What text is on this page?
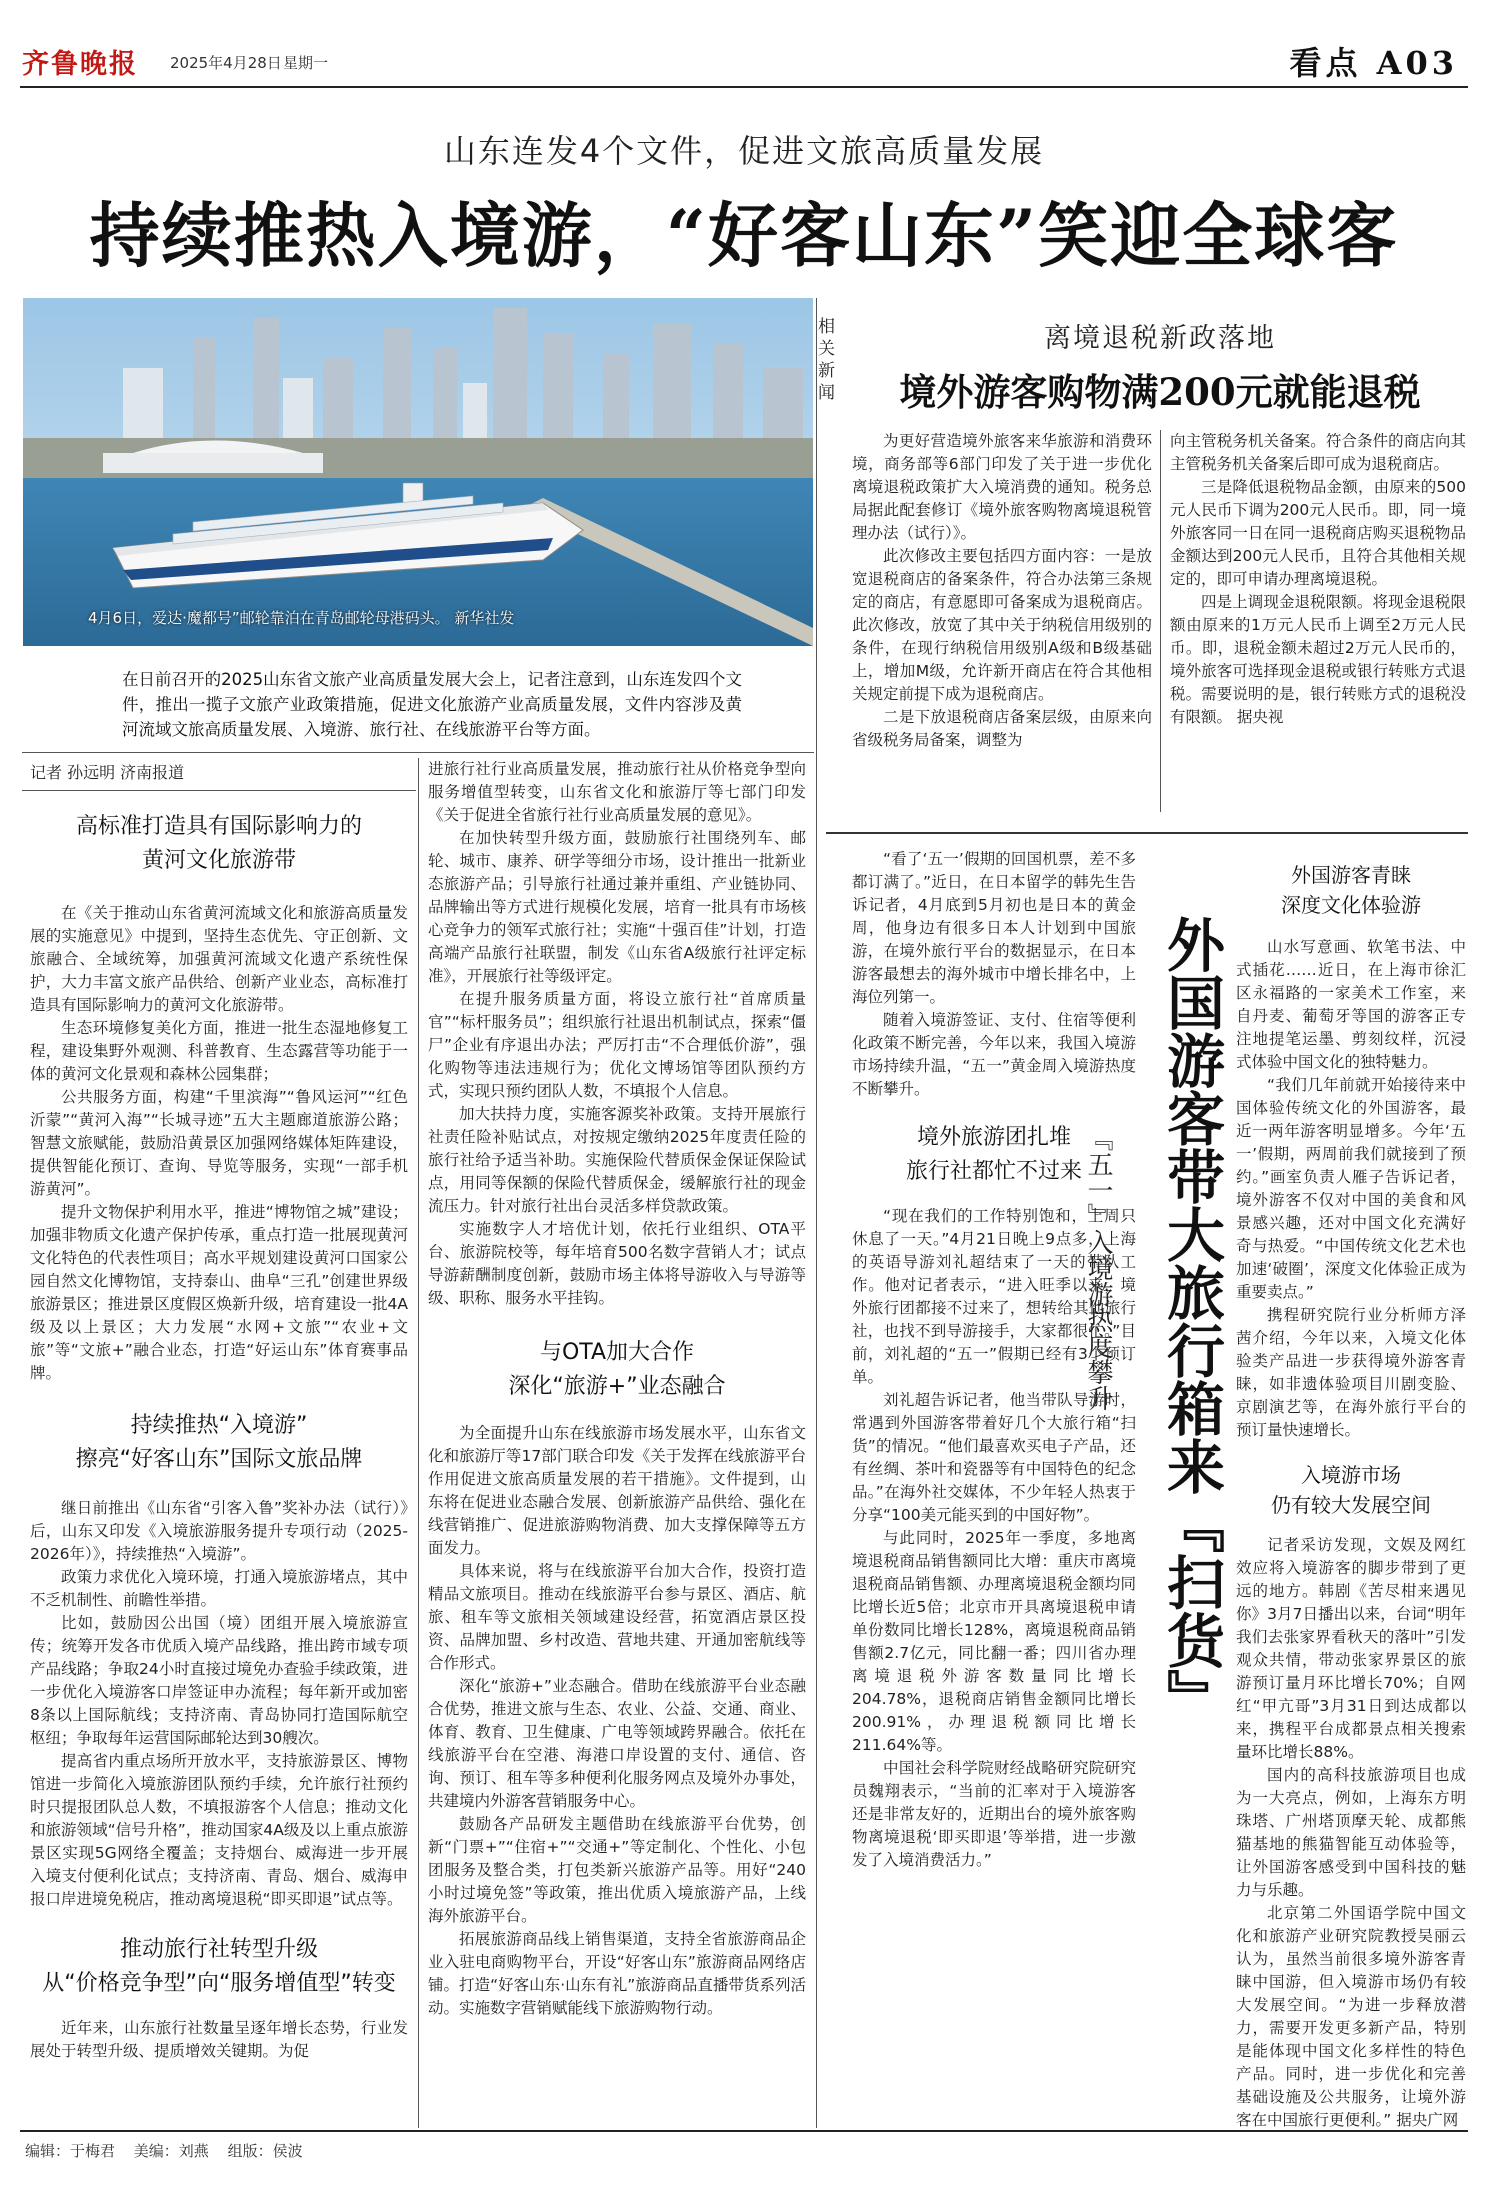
齐鲁晚报 2025年4月28日 星期一	看点 A03
山东连发4个文件，促进文旅高质量发展
持续推热入境游，“好客山东”笑迎全球客
4月6日，爱达·魔都号”邮轮靠泊在青岛邮轮母港码头。 新华社发
在日前召开的2025山东省文旅产业高质量发展大会上，记者注意到，山东连发四个文件，推出一揽子文旅产业政策措施，促进文化旅游产业高质量发展，文件内容涉及黄河流域文旅高质量发展、入境游、旅行社、在线旅游平台等方面。
记者 孙远明 济南报道
高标准打造具有国际影响力的
黄河文化旅游带

在《关于推动山东省黄河流域文化和旅游高质量发展的实施意见》中提到，坚持生态优先、守正创新、文旅融合、全域统筹，加强黄河流域文化遗产系统性保护，大力丰富文旅产品供给、创新产业业态，高标准打造具有国际影响力的黄河文化旅游带。

生态环境修复美化方面，推进一批生态湿地修复工程，建设集野外观测、科普教育、生态露营等功能于一体的黄河文化景观和森林公园集群；

公共服务方面，构建“千里滨海”“鲁风运河”“红色沂蒙”“黄河入海”“长城寻迹”五大主题廊道旅游公路；智慧文旅赋能，鼓励沿黄景区加强网络媒体矩阵建设，提供智能化预订、查询、导览等服务，实现“一部手机游黄河”。

提升文物保护利用水平，推进“博物馆之城”建设；加强非物质文化遗产保护传承，重点打造一批展现黄河文化特色的代表性项目；高水平规划建设黄河口国家公园自然文化博物馆，支持泰山、曲阜“三孔”创建世界级旅游景区；推进景区度假区焕新升级，培育建设一批4A级及以上景区；大力发展“水网+文旅”“农业+文旅”等“文旅+”融合业态，打造“好运山东”体育赛事品牌。

持续推热“入境游”
擦亮“好客山东”国际文旅品牌

继日前推出《山东省“引客入鲁”奖补办法（试行）》后，山东又印发《入境旅游服务提升专项行动（2025-2026年）》，持续推热“入境游”。

政策力求优化入境环境，打通入境旅游堵点，其中不乏机制性、前瞻性举措。

比如，鼓励因公出国（境）团组开展入境旅游宣传；统筹开发各市优质入境产品线路，推出跨市域专项产品线路；争取24小时直接过境免办查验手续政策，进一步优化入境游客口岸签证申办流程；每年新开或加密8条以上国际航线；支持济南、青岛协同打造国际航空枢纽；争取每年运营国际邮轮达到30艘次。

提高省内重点场所开放水平，支持旅游景区、博物馆进一步简化入境旅游团队预约手续，允许旅行社预约时只提报团队总人数，不填报游客个人信息；推动文化和旅游领域“信号升格”，推动国家4A级及以上重点旅游景区实现5G网络全覆盖；支持烟台、威海进一步开展入境支付便利化试点；支持济南、青岛、烟台、威海申报口岸进境免税店，推动离境退税“即买即退”试点等。

推动旅行社转型升级
从“价格竞争型”向“服务增值型”转变

近年来，山东旅行社数量呈逐年增长态势，行业发展处于转型升级、提质增效关键期。为促

进旅行社行业高质量发展，推动旅行社从价格竞争型向服务增值型转变，山东省文化和旅游厅等七部门印发《关于促进全省旅行社行业高质量发展的意见》。

在加快转型升级方面，鼓励旅行社围绕列车、邮轮、城市、康养、研学等细分市场，设计推出一批新业态旅游产品；引导旅行社通过兼并重组、产业链协同、品牌输出等方式进行规模化发展，培育一批具有市场核心竞争力的领军式旅行社；实施“十强百佳”计划，打造高端产品旅行社联盟，制发《山东省A级旅行社评定标准》，开展旅行社等级评定。

在提升服务质量方面，将设立旅行社“首席质量官”“标杆服务员”；组织旅行社退出机制试点，探索“僵尸”企业有序退出办法；严厉打击“不合理低价游”，强化购物等违法违规行为；优化文博场馆等团队预约方式，实现只预约团队人数，不填报个人信息。

加大扶持力度，实施客源奖补政策。支持开展旅行社责任险补贴试点，对按规定缴纳2025年度责任险的旅行社给予适当补助。实施保险代替质保金保证保险试点，用同等保额的保险代替质保金，缓解旅行社的现金流压力。针对旅行社出台灵活多样贷款政策。

实施数字人才培优计划，依托行业组织、OTA平台、旅游院校等，每年培育500名数字营销人才；试点导游薪酬制度创新，鼓励市场主体将导游收入与导游等级、职称、服务水平挂钩。

与OTA加大合作
深化“旅游+”业态融合

为全面提升山东在线旅游市场发展水平，山东省文化和旅游厅等17部门联合印发《关于发挥在线旅游平台作用促进文旅高质量发展的若干措施》。文件提到，山东将在促进业态融合发展、创新旅游产品供给、强化在线营销推广、促进旅游购物消费、加大支撑保障等五方面发力。

具体来说，将与在线旅游平台加大合作，投资打造精品文旅项目。推动在线旅游平台参与景区、酒店、航旅、租车等文旅相关领域建设经营，拓宽酒店景区投资、品牌加盟、乡村改造、营地共建、开通加密航线等合作形式。

深化“旅游+”业态融合。借助在线旅游平台业态融合优势，推进文旅与生态、农业、公益、交通、商业、体育、教育、卫生健康、广电等领域跨界融合。依托在线旅游平台在空港、海港口岸设置的支付、通信、咨询、预订、租车等多种便利化服务网点及境外办事处，共建境内外游客营销服务中心。

鼓励各产品研发主题借助在线旅游平台优势，创新“门票+”“住宿+”“交通+”等定制化、个性化、小包团服务及整合类，打包类新兴旅游产品等。用好“240小时过境免签”等政策，推出优质入境旅游产品，上线海外旅游平台。

拓展旅游商品线上销售渠道，支持全省旅游商品企业入驻电商购物平台，开设“好客山东”旅游商品网络店铺。打造“好客山东·山东有礼”旅游商品直播带货系列活动。实施数字营销赋能线下旅游购物行动。

相关新闻
离境退税新政落地
境外游客购物满200元就能退税

为更好营造境外旅客来华旅游和消费环境，商务部等6部门印发了关于进一步优化离境退税政策扩大入境消费的通知。税务总局据此配套修订《境外旅客购物离境退税管理办法（试行）》。

此次修改主要包括四方面内容：一是放宽退税商店的备案条件，符合办法第三条规定的商店，有意愿即可备案成为退税商店。此次修改，放宽了其中关于纳税信用级别的条件，在现行纳税信用级别A级和B级基础上，增加M级，允许新开商店在符合其他相关规定前提下成为退税商店。

二是下放退税商店备案层级，由原来向省级税务局备案，调整为

向主管税务机关备案。符合条件的商店向其主管税务机关备案后即可成为退税商店。

三是降低退税物品金额，由原来的500元人民币下调为200元人民币。即，同一境外旅客同一日在同一退税商店购买退税物品金额达到200元人民币，且符合其他相关规定的，即可申请办理离境退税。

四是上调现金退税限额。将现金退税限额由原来的1万元人民币上调至2万元人民币。即，退税金额未超过2万元人民币的，境外旅客可选择现金退税或银行转账方式退税。需要说明的是，银行转账方式的退税没有限额。 据央视

“看了‘五一’假期的回国机票，差不多都订满了。”近日，在日本留学的韩先生告诉记者，4月底到5月初也是日本的黄金周，他身边有很多日本人计划到中国旅游，在境外旅行平台的数据显示，在日本游客最想去的海外城市中增长排名中，上海位列第一。

随着入境游签证、支付、住宿等便利化政策不断完善，今年以来，我国入境游市场持续升温，“五一”黄金周入境游热度不断攀升。

境外旅游团扎堆
旅行社都忙不过来

“现在我们的工作特别饱和，上周只休息了一天。”4月21日晚上9点多，上海的英语导游刘礼超结束了一天的带队工作。他对记者表示，“进入旺季以来，境外旅行团都接不过来了，想转给其他旅行社，也找不到导游接手，大家都很忙。”目前，刘礼超的“五一”假期已经有3个预订单。

刘礼超告诉记者，他当带队导游时，常遇到外国游客带着好几个大旅行箱“扫货”的情况。“他们最喜欢买电子产品，还有丝绸、茶叶和瓷器等有中国特色的纪念品。”在海外社交媒体，不少年轻人热衷于分享“100美元能买到的中国好物”。

与此同时，2025年一季度，多地离境退税商品销售额同比大增：重庆市离境退税商品销售额、办理离境退税金额均同比增长近5倍；北京市开具离境退税申请单份数同比增长128%，离境退税商品销售额2.7亿元，同比翻一番；四川省办理离境退税外游客数量同比增长204.78%，退税商店销售金额同比增长200.91%，办理退税额同比增长211.64%等。

中国社会科学院财经战略研究院研究员魏翔表示，“当前的汇率对于入境游客还是非常友好的，近期出台的境外旅客购物离境退税‘即买即退’等举措，进一步激发了入境消费活力。”

『五一』入境游热度攀升 外国游客带大旅行箱来『扫货』
外国游客青睐
深度文化体验游

山水写意画、软笔书法、中式插花……近日，在上海市徐汇区永福路的一家美术工作室，来自丹麦、葡萄牙等国的游客正专注地提笔运墨、剪刻纹样，沉浸式体验中国文化的独特魅力。

“我们几年前就开始接待来中国体验传统文化的外国游客，最近一两年游客明显增多。今年‘五一’假期，两周前我们就接到了预约。”画室负责人雁子告诉记者，境外游客不仅对中国的美食和风景感兴趣，还对中国文化充满好奇与热爱。“中国传统文化艺术也加速‘破圈’，深度文化体验正成为重要卖点。”

携程研究院行业分析师方泽茜介绍，今年以来，入境文化体验类产品进一步获得境外游客青睐，如非遗体验项目川剧变脸、京剧演艺等，在海外旅行平台的预订量快速增长。

入境游市场
仍有较大发展空间

记者采访发现，文娱及网红效应将入境游客的脚步带到了更远的地方。韩剧《苦尽柑来遇见你》3月7日播出以来，台词“明年我们去张家界看秋天的落叶”引发观众共情，带动张家界景区的旅游预订量月环比增长70%；自网红“甲亢哥”3月31日到达成都以来，携程平台成都景点相关搜索量环比增长88%。

国内的高科技旅游项目也成为一大亮点，例如，上海东方明珠塔、广州塔顶摩天轮、成都熊猫基地的熊猫智能互动体验等，让外国游客感受到中国科技的魅力与乐趣。

北京第二外国语学院中国文化和旅游产业研究院教授吴丽云认为，虽然当前很多境外游客青睐中国游，但入境游市场仍有较大发展空间。“为进一步释放潜力，需要开发更多新产品，特别是能体现中国文化多样性的特色产品。同时，进一步优化和完善基础设施及公共服务，让境外游客在中国旅行更便利。” 据央广网

编辑：于梅君 美编：刘燕 组版：侯波
